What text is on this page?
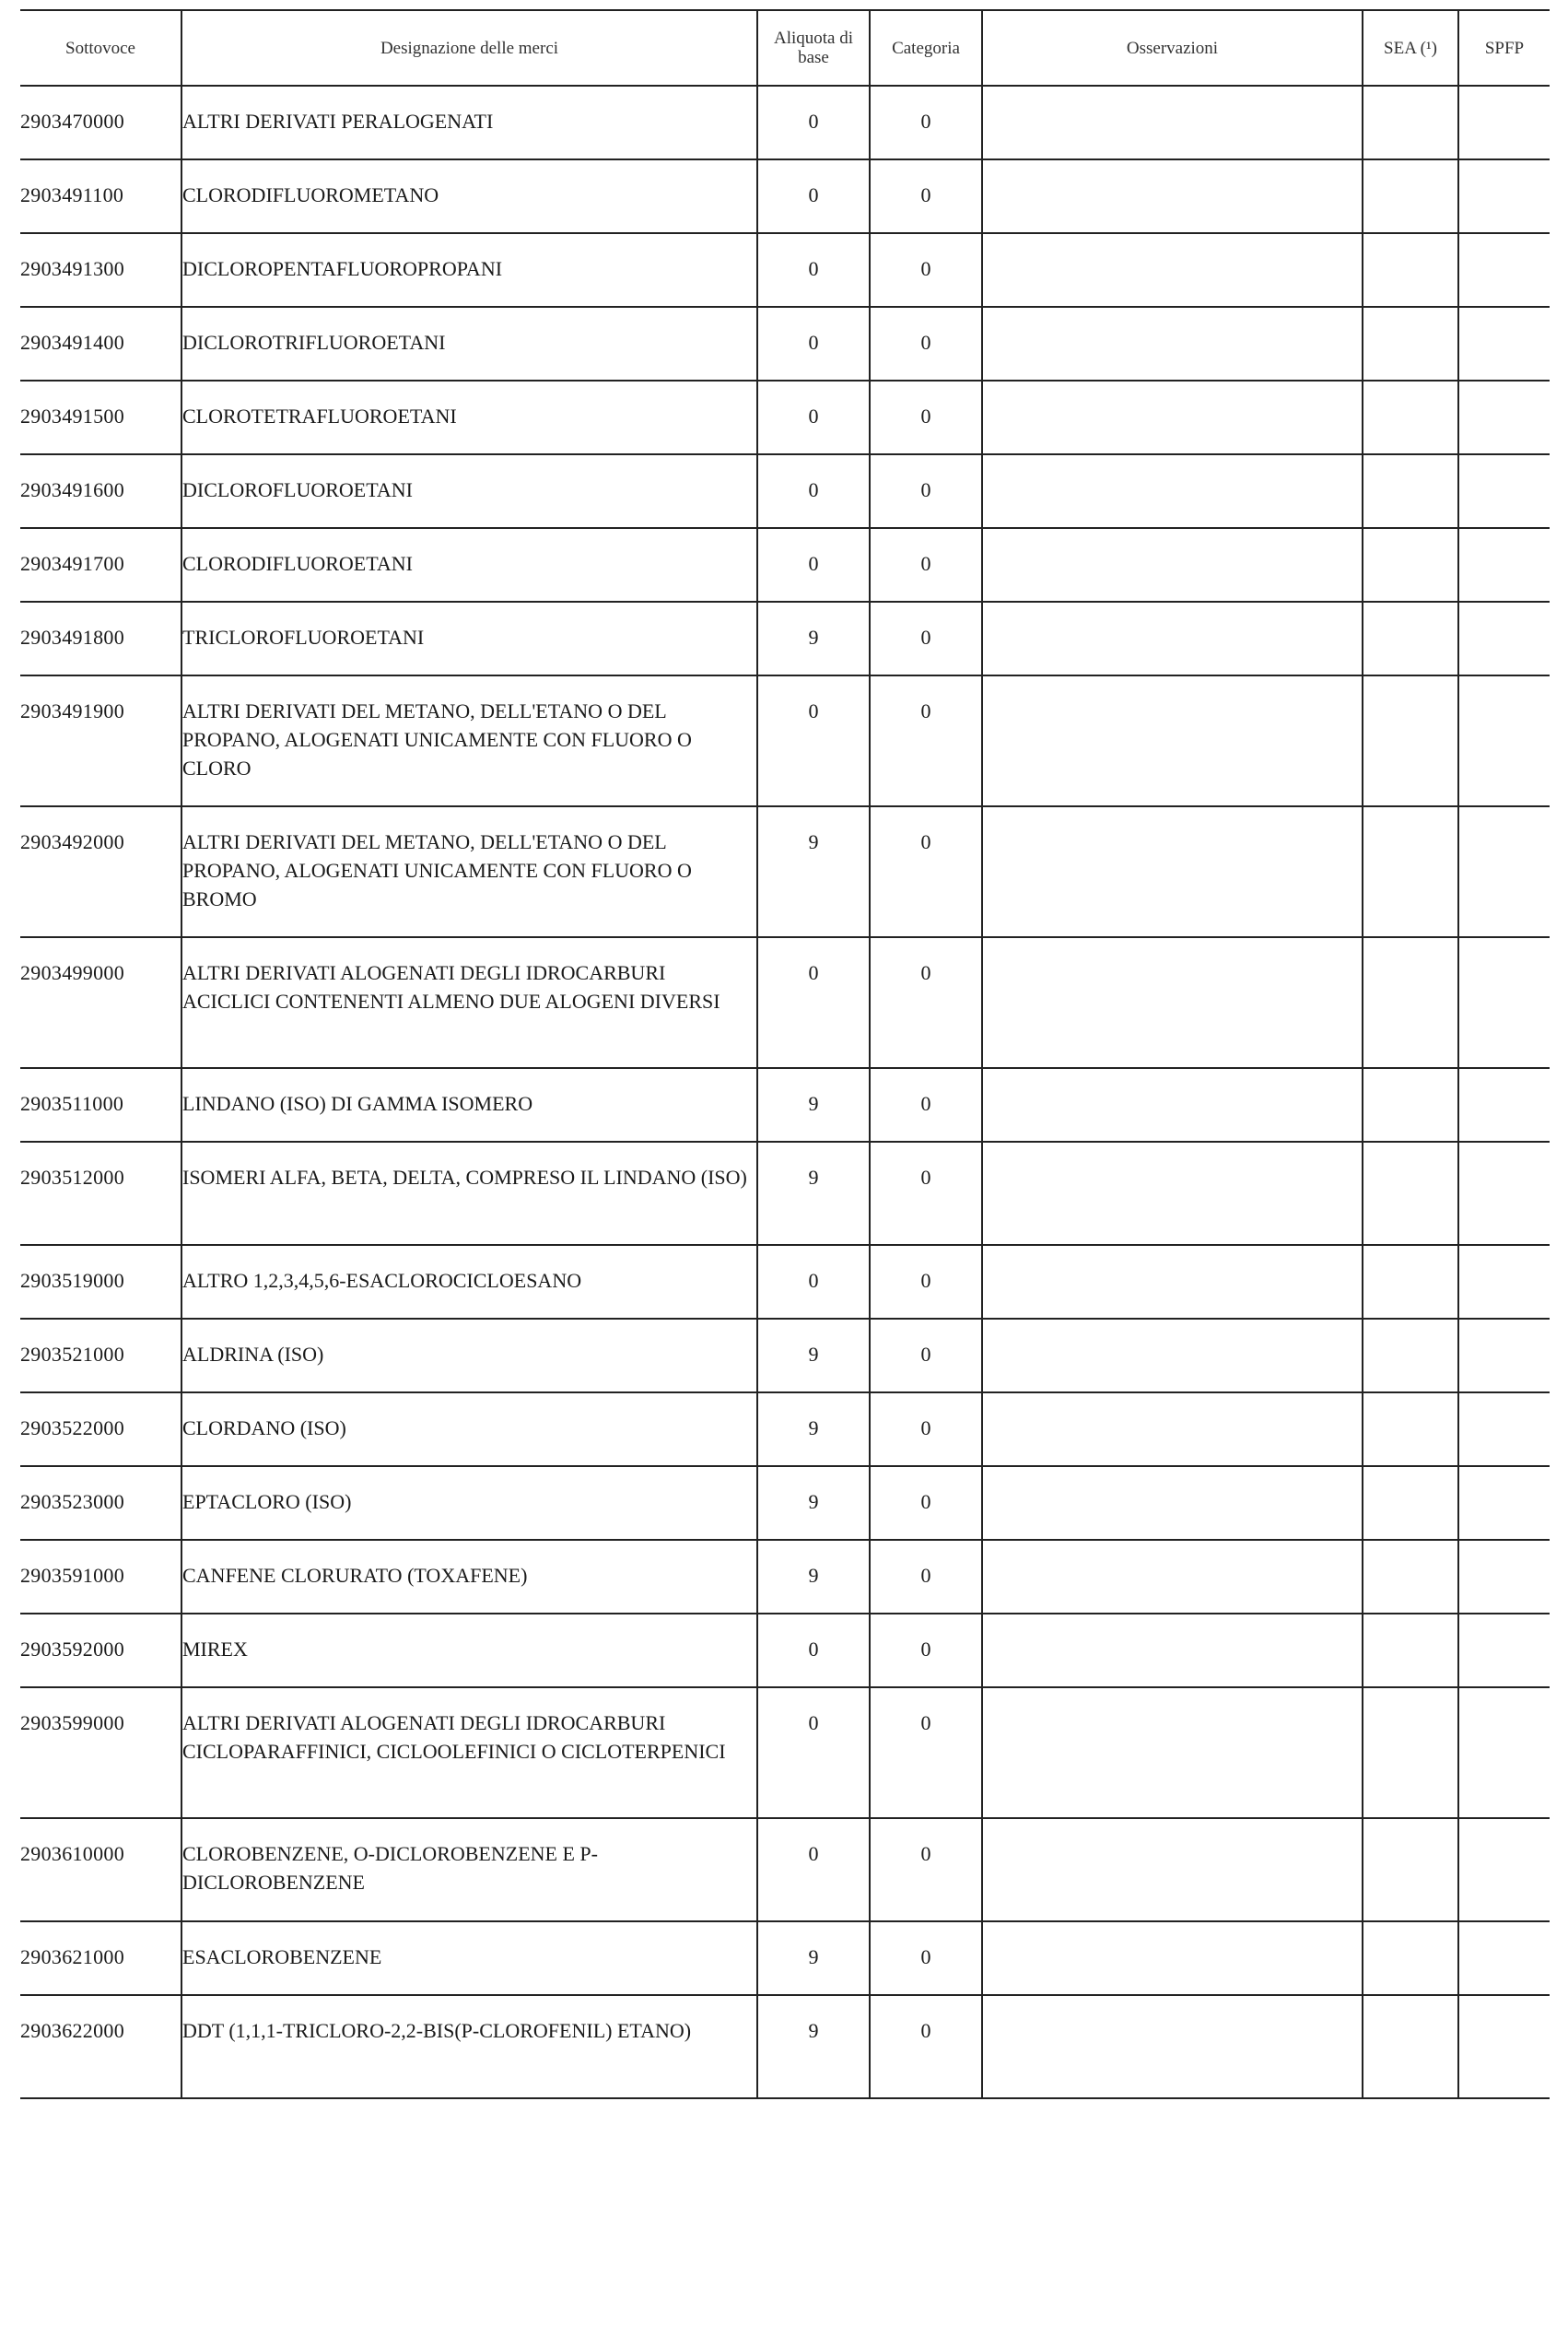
Sottovoce	Designazione delle merci	Aliquota di base	Categoria	Osservazioni	SEA (¹)	SPFP
2903470000	ALTRI DERIVATI PERALOGENATI	0	0			
2903491100	CLORODIFLUOROMETANO	0	0			
2903491300	DICLOROPENTAFLUOROPROPANI	0	0			
2903491400	DICLOROTRIFLUOROETANI	0	0			
2903491500	CLOROTETRAFLUOROETANI	0	0			
2903491600	DICLOROFLUOROETANI	0	0			
2903491700	CLORODIFLUOROETANI	0	0			
2903491800	TRICLOROFLUOROETANI	9	0			
2903491900	ALTRI DERIVATI DEL METANO, DELL'ETANO O DEL PROPANO, ALOGENATI UNICAMENTE CON FLUORO O CLORO	0	0			
2903492000	ALTRI DERIVATI DEL METANO, DELL'ETANO O DEL PROPANO, ALOGENATI UNICAMENTE CON FLUORO O BROMO	9	0			
2903499000	ALTRI DERIVATI ALOGENATI DEGLI IDROCARBURI ACICLICI CONTENENTI ALMENO DUE ALOGENI DIVERSI	0	0			
2903511000	LINDANO (ISO) DI GAMMA ISOMERO	9	0			
2903512000	ISOMERI ALFA, BETA, DELTA, COMPRESO IL LINDANO (ISO)	9	0			
2903519000	ALTRO 1,2,3,4,5,6-ESACLOROCICLOESANO	0	0			
2903521000	ALDRINA (ISO)	9	0			
2903522000	CLORDANO (ISO)	9	0			
2903523000	EPTACLORO (ISO)	9	0			
2903591000	CANFENE CLORURATO (TOXAFENE)	9	0			
2903592000	MIREX	0	0			
2903599000	ALTRI DERIVATI ALOGENATI DEGLI IDROCARBURI CICLOPARAFFINICI, CICLOOLEFINICI O CICLOTERPENICI	0	0			
2903610000	CLOROBENZENE, O-DICLOROBENZENE E P-DICLOROBENZENE	0	0			
2903621000	ESACLOROBENZENE	9	0			
2903622000	DDT (1,1,1-TRICLORO-2,2-BIS(P-CLOROFENIL) ETANO)	9	0			
